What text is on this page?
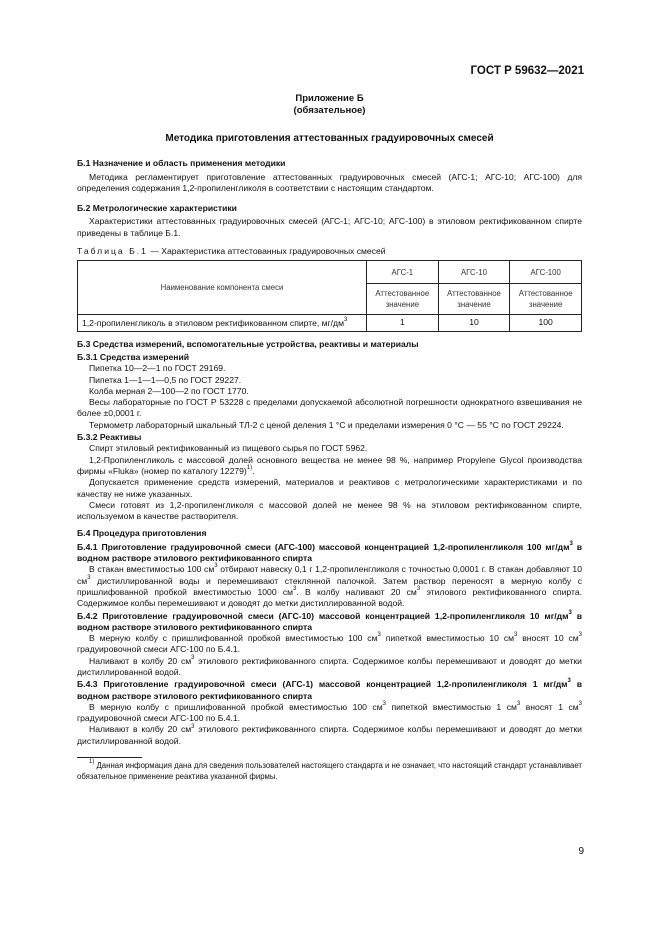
ГОСТ Р 59632—2021
Приложение Б
(обязательное)
Методика приготовления аттестованных градуировочных смесей

Б.1 Назначение и область применения методики

Методика регламентирует приготовление аттестованных градуировочных смесей (АГС-1; АГС-10; АГС-100) для определения содержания 1,2-пропиленгликоля в соответствии с настоящим стандартом.

Б.2 Метрологические характеристики

Характеристики аттестованных градуировочных смесей (АГС-1; АГС-10; АГС-100) в этиловом ректификованном спирте приведены в таблице Б.1.

Таблица Б.1 — Характеристика аттестованных градуировочных смесей
Наименование компонента смеси	АГС-1	АГС-10	АГС-100
	Аттестованное значение	Аттестованное значение	Аттестованное значение
1,2-пропиленгликоль в этиловом ректификованном спирте, $мг/дм^3$	1	10	100

Б.3 Средства измерений, вспомогательные устройства, реактивы и материалы

Б.3.1 Средства измерений

Пипетка 10—2—1 по ГОСТ 29169.

Пипетка 1—1—1—0,5 по ГОСТ 29227.

Колба мерная 2—100—2 по ГОСТ 1770.

Весы лабораторные по ГОСТ Р 53228 с пределами допускаемой абсолютной погрешности однократного взвешивания не более ±0,0001 г.

Термометр лабораторный шкальный ТЛ-2 с ценой деления 1 °С и пределами измерения 0 °С — 55 °С по ГОСТ 29224.

Б.3.2 Реактивы

Спирт этиловый ректификованный из пищевого сырья по ГОСТ 5962.

1,2-Пропиленгликоль с массовой долей основного вещества не менее 98 %, например Propylene Glycol производства фирмы «Fluka» (номер по каталогу 12279)$^{1)}$.

Допускается применение средств измерений, материалов и реактивов с метрологическими характеристиками и по качеству не ниже указанных.

Смеси готовят из 1,2-пропиленгликоля с массовой долей не менее 98 % на этиловом ректификованном спирте, используемом в качестве растворителя.

Б.4 Процедура приготовления

Б.4.1 Приготовление градуировочной смеси (АГС-100) массовой концентрацией 1,2-пропиленгликоля 100 $мг/дм^3$ в водном растворе этилового ректификованного спирта

В стакан вместимостью 100 $см^3$ отбирают навеску 0,1 г 1,2-пропиленгликоля с точностью 0,0001 г. В стакан добавляют 10 $см^3$ дистиллированной воды и перемешивают стеклянной палочкой. Затем раствор переносят в мерную колбу с пришлифованной пробкой вместимостью 1000 $см^3$. В колбу наливают 20 $см^3$ этилового ректификованного спирта. Содержимое колбы перемешивают и доводят до метки дистиллированной водой.

Б.4.2 Приготовление градуировочной смеси (АГС-10) массовой концентрацией 1,2-пропиленгликоля 10 $мг/дм^3$ в водном растворе этилового ректификованного спирта

В мерную колбу с пришлифованной пробкой вместимостью 100 $см^3$ пипеткой вместимостью 10 $см^3$ вносят 10 $см^3$ градуировочной смеси АГС-100 по Б.4.1.

Наливают в колбу 20 $см^3$ этилового ректификованного спирта. Содержимое колбы перемешивают и доводят до метки дистиллированной водой.

Б.4.3 Приготовление градуировочной смеси (АГС-1) массовой концентрацией 1,2-пропиленгликоля 1 $мг/дм^3$ в водном растворе этилового ректификованного спирта

В мерную колбу с пришлифованной пробкой вместимостью 100 $см^3$ пипеткой вместимостью 1 $см^3$ вносят 1 $см^3$ градуировочной смеси АГС-100 по Б.4.1.

Наливают в колбу 20 $см^3$ этилового ректификованного спирта. Содержимое колбы перемешивают и доводят до метки дистиллированной водой.

$^{1)}$ Данная информация дана для сведения пользователей настоящего стандарта и не означает, что настоящий стандарт устанавливает обязательное применение реактива указанной фирмы.

9
